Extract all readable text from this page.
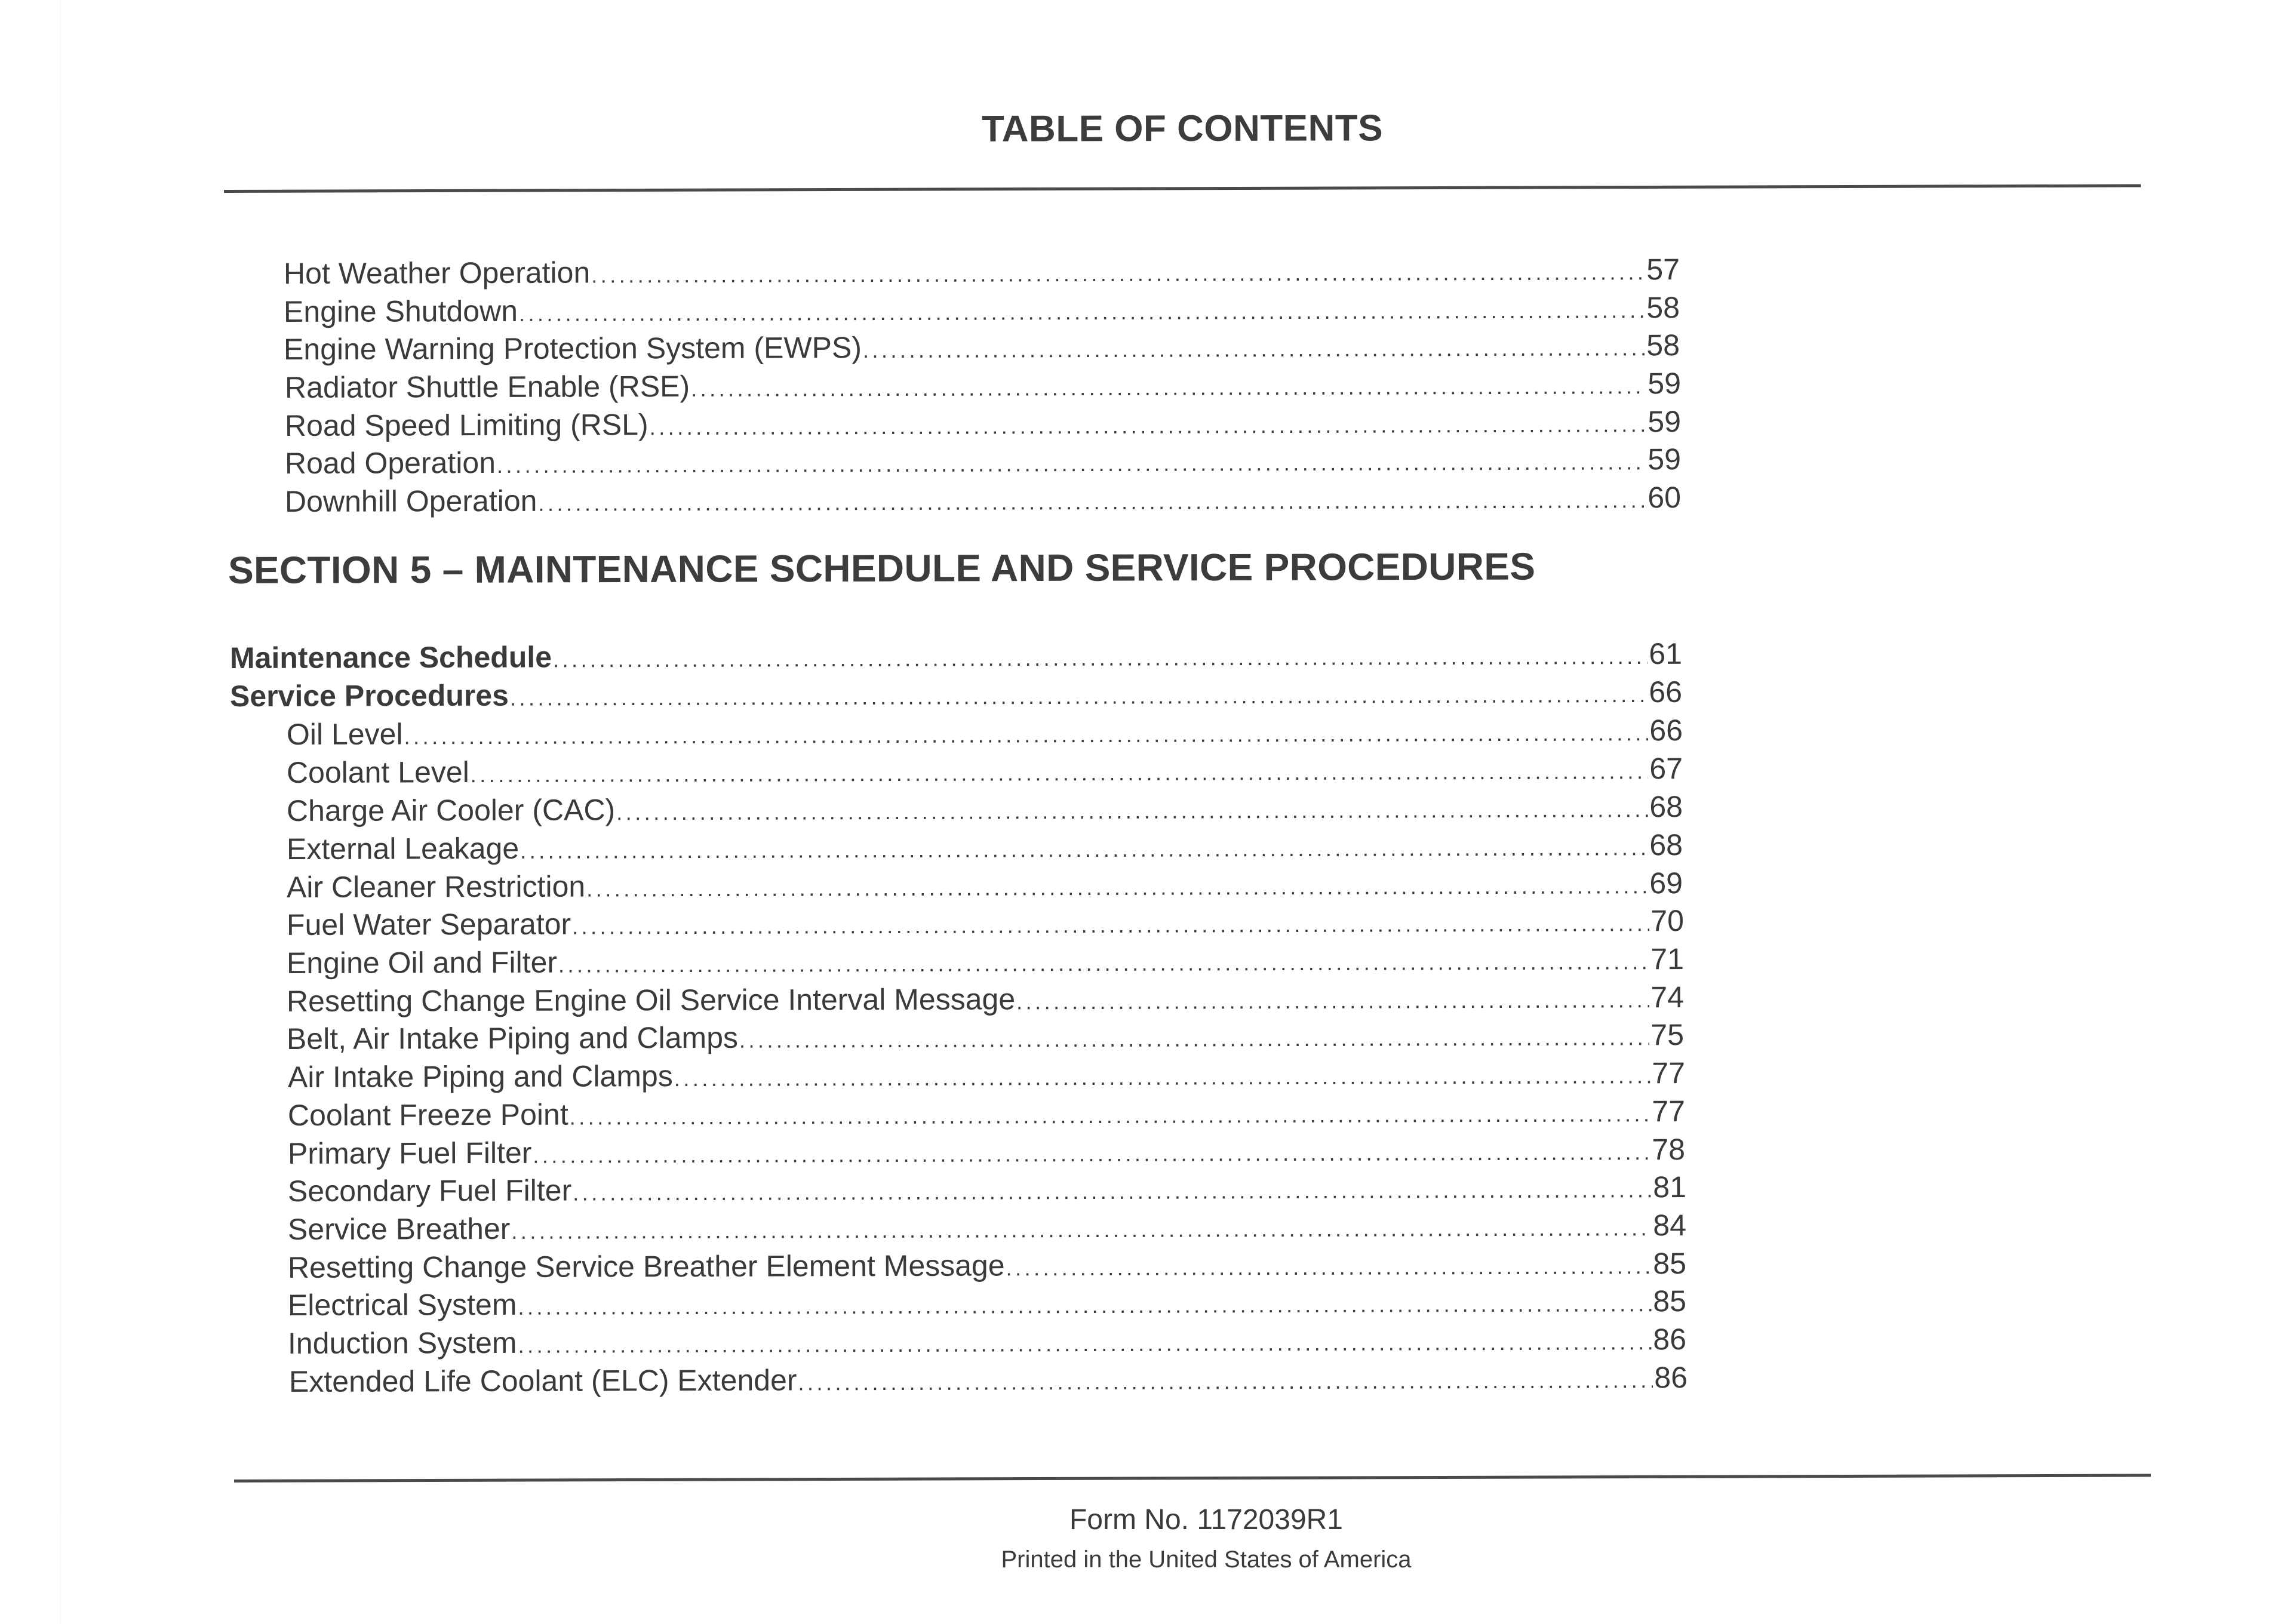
TABLE OF CONTENTS
Hot Weather Operation .....	57
Engine Shutdown .....	58
Engine Warning Protection System (EWPS) .....	58
Radiator Shuttle Enable (RSE) .....	59
Road Speed Limiting (RSL) .....	59
Road Operation .....	59
Downhill Operation .....	60
SECTION 5 – MAINTENANCE SCHEDULE AND SERVICE PROCEDURES
Maintenance Schedule .....	61
Service Procedures .....	66
Oil Level .....	66
Coolant Level .....	67
Charge Air Cooler (CAC) .....	68
External Leakage .....	68
Air Cleaner Restriction .....	69
Fuel Water Separator .....	70
Engine Oil and Filter .....	71
Resetting Change Engine Oil Service Interval Message .....	74
Belt, Air Intake Piping and Clamps .....	75
Air Intake Piping and Clamps .....	77
Coolant Freeze Point .....	77
Primary Fuel Filter .....	78
Secondary Fuel Filter .....	81
Service Breather .....	84
Resetting Change Service Breather Element Message .....	85
Electrical System .....	85
Induction System .....	86
Extended Life Coolant (ELC) Extender .....	86
Form No. 1172039R1
Printed in the United States of America
